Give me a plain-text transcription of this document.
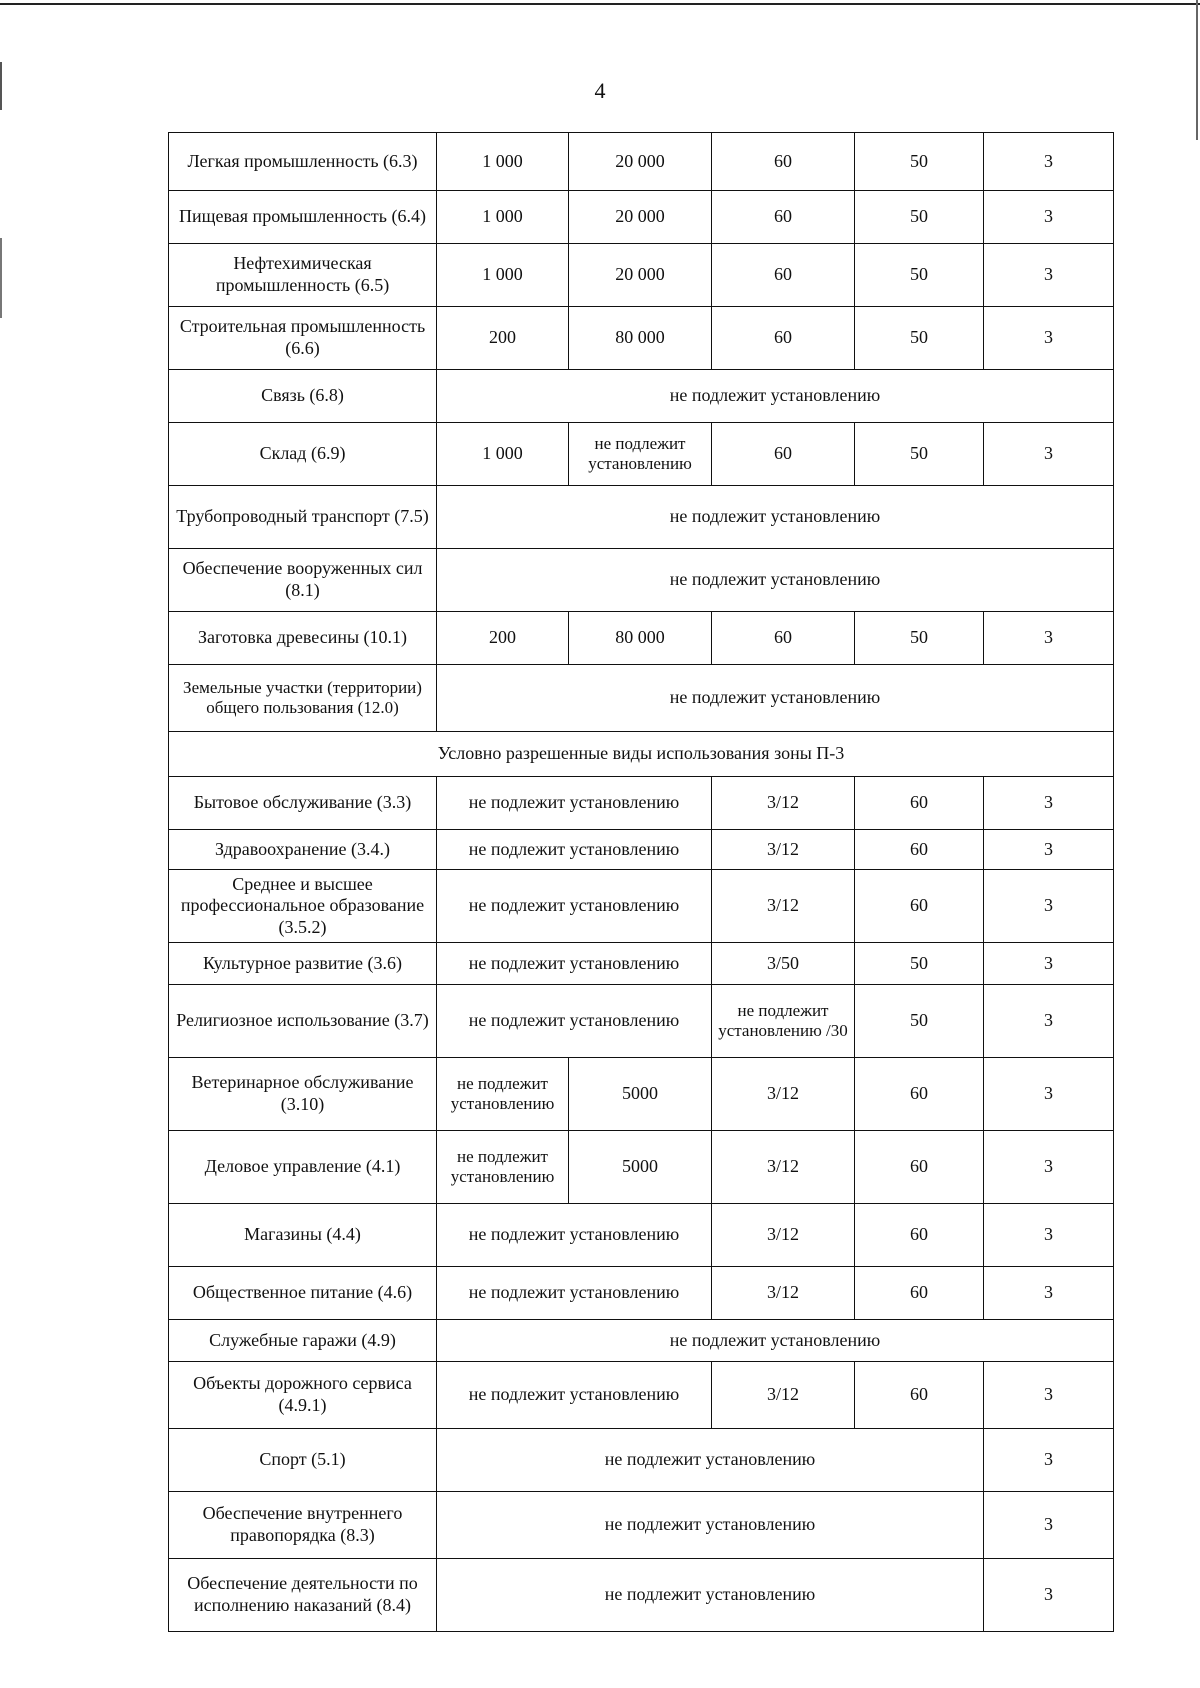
4
Легкая промышленность (6.3)	1 000	20 000	60	50	3
Пищевая промышленность (6.4)	1 000	20 000	60	50	3
Нефтехимическая промышленность (6.5)	1 000	20 000	60	50	3
Строительная промышленность (6.6)	200	80 000	60	50	3
Связь (6.8)	не подлежит установлению				
Склад (6.9)	1 000	не подлежит установлению	60	50	3
Трубопроводный транспорт (7.5)	не подлежит установлению				
Обеспечение вооруженных сил (8.1)	не подлежит установлению				
Заготовка древесины (10.1)	200	80 000	60	50	3
Земельные участки (территории) общего пользования (12.0)	не подлежит установлению				
Условно разрешенные виды использования зоны П-3					
Бытовое обслуживание (3.3)	не подлежит установлению		3/12	60	3
Здравоохранение (3.4.)	не подлежит установлению		3/12	60	3
Среднее и высшее профессиональное образование (3.5.2)	не подлежит установлению		3/12	60	3
Культурное развитие (3.6)	не подлежит установлению		3/50	50	3
Религиозное использование (3.7)	не подлежит установлению		не подлежит установлению /30	50	3
Ветеринарное обслуживание (3.10)	не подлежит установлению	5000	3/12	60	3
Деловое управление (4.1)	не подлежит установлению	5000	3/12	60	3
Магазины (4.4)	не подлежит установлению		3/12	60	3
Общественное питание (4.6)	не подлежит установлению		3/12	60	3
Служебные гаражи (4.9)	не подлежит установлению				
Объекты дорожного сервиса (4.9.1)	не подлежит установлению		3/12	60	3
Спорт (5.1)	не подлежит установлению				3
Обеспечение внутреннего правопорядка (8.3)	не подлежит установлению				3
Обеспечение деятельности по исполнению наказаний (8.4)	не подлежит установлению				3
